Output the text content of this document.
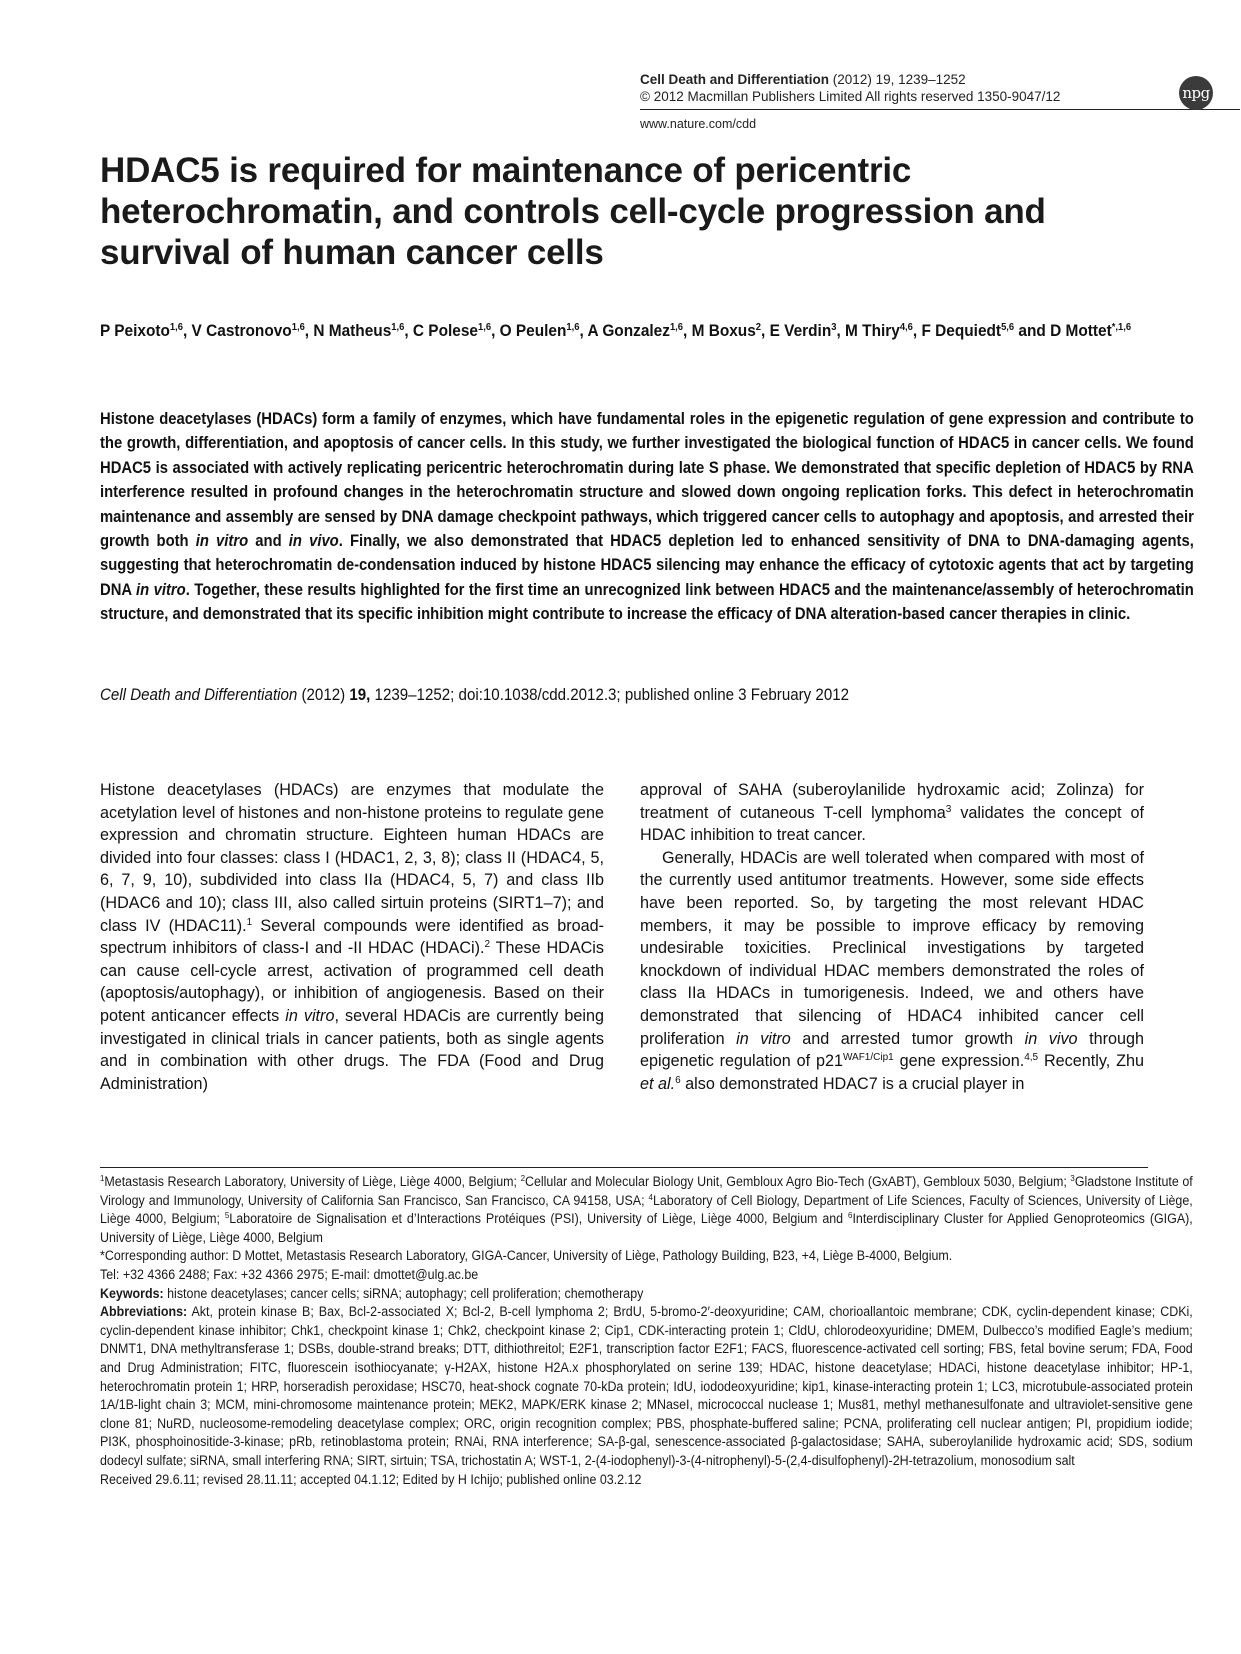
Cell Death and Differentiation (2012) 19, 1239–1252
© 2012 Macmillan Publishers Limited All rights reserved 1350-9047/12
www.nature.com/cdd
npg
HDAC5 is required for maintenance of pericentric heterochromatin, and controls cell-cycle progression and survival of human cancer cells
P Peixoto$^{1,6}$, V Castronovo$^{1,6}$, N Matheus$^{1,6}$, C Polese$^{1,6}$, O Peulen$^{1,6}$, A Gonzalez$^{1,6}$, M Boxus$^2$, E Verdin$^3$, M Thiry$^{4,6}$, F Dequiedt$^{5,6}$ and D Mottet$^{*,1,6}$
Histone deacetylases (HDACs) form a family of enzymes, which have fundamental roles in the epigenetic regulation of gene expression and contribute to the growth, differentiation, and apoptosis of cancer cells. In this study, we further investigated the biological function of HDAC5 in cancer cells. We found HDAC5 is associated with actively replicating pericentric heterochromatin during late S phase. We demonstrated that specific depletion of HDAC5 by RNA interference resulted in profound changes in the heterochromatin structure and slowed down ongoing replication forks. This defect in heterochromatin maintenance and assembly are sensed by DNA damage checkpoint pathways, which triggered cancer cells to autophagy and apoptosis, and arrested their growth both in vitro and in vivo. Finally, we also demonstrated that HDAC5 depletion led to enhanced sensitivity of DNA to DNA-damaging agents, suggesting that heterochromatin de-condensation induced by histone HDAC5 silencing may enhance the efficacy of cytotoxic agents that act by targeting DNA in vitro. Together, these results highlighted for the first time an unrecognized link between HDAC5 and the maintenance/assembly of heterochromatin structure, and demonstrated that its specific inhibition might contribute to increase the efficacy of DNA alteration-based cancer therapies in clinic.
Cell Death and Differentiation (2012) 19, 1239–1252; doi:10.1038/cdd.2012.3; published online 3 February 2012

Histone deacetylases (HDACs) are enzymes that modulate the acetylation level of histones and non-histone proteins to regulate gene expression and chromatin structure. Eighteen human HDACs are divided into four classes: class I (HDAC1, 2, 3, 8); class II (HDAC4, 5, 6, 7, 9, 10), subdivided into class IIa (HDAC4, 5, 7) and class IIb (HDAC6 and 10); class III, also called sirtuin proteins (SIRT1–7); and class IV (HDAC11).$^1$ Several compounds were identified as broad-spectrum inhibitors of class-I and -II HDAC (HDACi).$^2$ These HDACis can cause cell-cycle arrest, activation of programmed cell death (apoptosis/autophagy), or inhibition of angiogenesis. Based on their potent anticancer effects in vitro, several HDACis are currently being investigated in clinical trials in cancer patients, both as single agents and in combination with other drugs. The FDA (Food and Drug Administration)

approval of SAHA (suberoylanilide hydroxamic acid; Zolinza) for treatment of cutaneous T-cell lymphoma$^3$ validates the concept of HDAC inhibition to treat cancer.

Generally, HDACis are well tolerated when compared with most of the currently used antitumor treatments. However, some side effects have been reported. So, by targeting the most relevant HDAC members, it may be possible to improve efficacy by removing undesirable toxicities. Preclinical investigations by targeted knockdown of individual HDAC members demonstrated the roles of class IIa HDACs in tumorigenesis. Indeed, we and others have demonstrated that silencing of HDAC4 inhibited cancer cell proliferation in vitro and arrested tumor growth in vivo through epigenetic regulation of $p21^{WAF1/Cip1}$ gene expression.$^{4,5}$ Recently, Zhu et al.$^6$ also demonstrated HDAC7 is a crucial player in

$^1$Metastasis Research Laboratory, University of Liège, Liège 4000, Belgium; $^2$Cellular and Molecular Biology Unit, Gembloux Agro Bio-Tech (GxABT), Gembloux 5030, Belgium; $^3$Gladstone Institute of Virology and Immunology, University of California San Francisco, San Francisco, CA 94158, USA; $^4$Laboratory of Cell Biology, Department of Life Sciences, Faculty of Sciences, University of Liège, Liège 4000, Belgium; $^5$Laboratoire de Signalisation et d’Interactions Protéiques (PSI), University of Liège, Liège 4000, Belgium and $^6$Interdisciplinary Cluster for Applied Genoproteomics (GIGA), University of Liège, Liège 4000, Belgium

*Corresponding author: D Mottet, Metastasis Research Laboratory, GIGA-Cancer, University of Liège, Pathology Building, B23, +4, Liège B-4000, Belgium.

Tel: +32 4366 2488; Fax: +32 4366 2975; E-mail: dmottet@ulg.ac.be

Keywords: histone deacetylases; cancer cells; siRNA; autophagy; cell proliferation; chemotherapy

Abbreviations: Akt, protein kinase B; Bax, Bcl-2-associated X; Bcl-2, B-cell lymphoma 2; BrdU, 5-bromo-2′-deoxyuridine; CAM, chorioallantoic membrane; CDK, cyclin-dependent kinase; CDKi, cyclin-dependent kinase inhibitor; Chk1, checkpoint kinase 1; Chk2, checkpoint kinase 2; Cip1, CDK-interacting protein 1; CldU, chlorodeoxyuridine; DMEM, Dulbecco’s modified Eagle’s medium; DNMT1, DNA methyltransferase 1; DSBs, double-strand breaks; DTT, dithiothreitol; E2F1, transcription factor E2F1; FACS, fluorescence-activated cell sorting; FBS, fetal bovine serum; FDA, Food and Drug Administration; FITC, fluorescein isothiocyanate; γ-H2AX, histone H2A.x phosphorylated on serine 139; HDAC, histone deacetylase; HDACi, histone deacetylase inhibitor; HP-1, heterochromatin protein 1; HRP, horseradish peroxidase; HSC70, heat-shock cognate 70-kDa protein; IdU, iododeoxyuridine; kip1, kinase-interacting protein 1; LC3, microtubule-associated protein 1A/1B-light chain 3; MCM, mini-chromosome maintenance protein; MEK2, MAPK/ERK kinase 2; MNaseI, micrococcal nuclease 1; Mus81, methyl methanesulfonate and ultraviolet-sensitive gene clone 81; NuRD, nucleosome-remodeling deacetylase complex; ORC, origin recognition complex; PBS, phosphate-buffered saline; PCNA, proliferating cell nuclear antigen; PI, propidium iodide; PI3K, phosphoinositide-3-kinase; pRb, retinoblastoma protein; RNAi, RNA interference; SA-β-gal, senescence-associated β-galactosidase; SAHA, suberoylanilide hydroxamic acid; SDS, sodium dodecyl sulfate; siRNA, small interfering RNA; SIRT, sirtuin; TSA, trichostatin A; WST-1, 2-(4-iodophenyl)-3-(4-nitrophenyl)-5-(2,4-disulfophenyl)-2H-tetrazolium, monosodium salt

Received 29.6.11; revised 28.11.11; accepted 04.1.12; Edited by H Ichijo; published online 03.2.12
